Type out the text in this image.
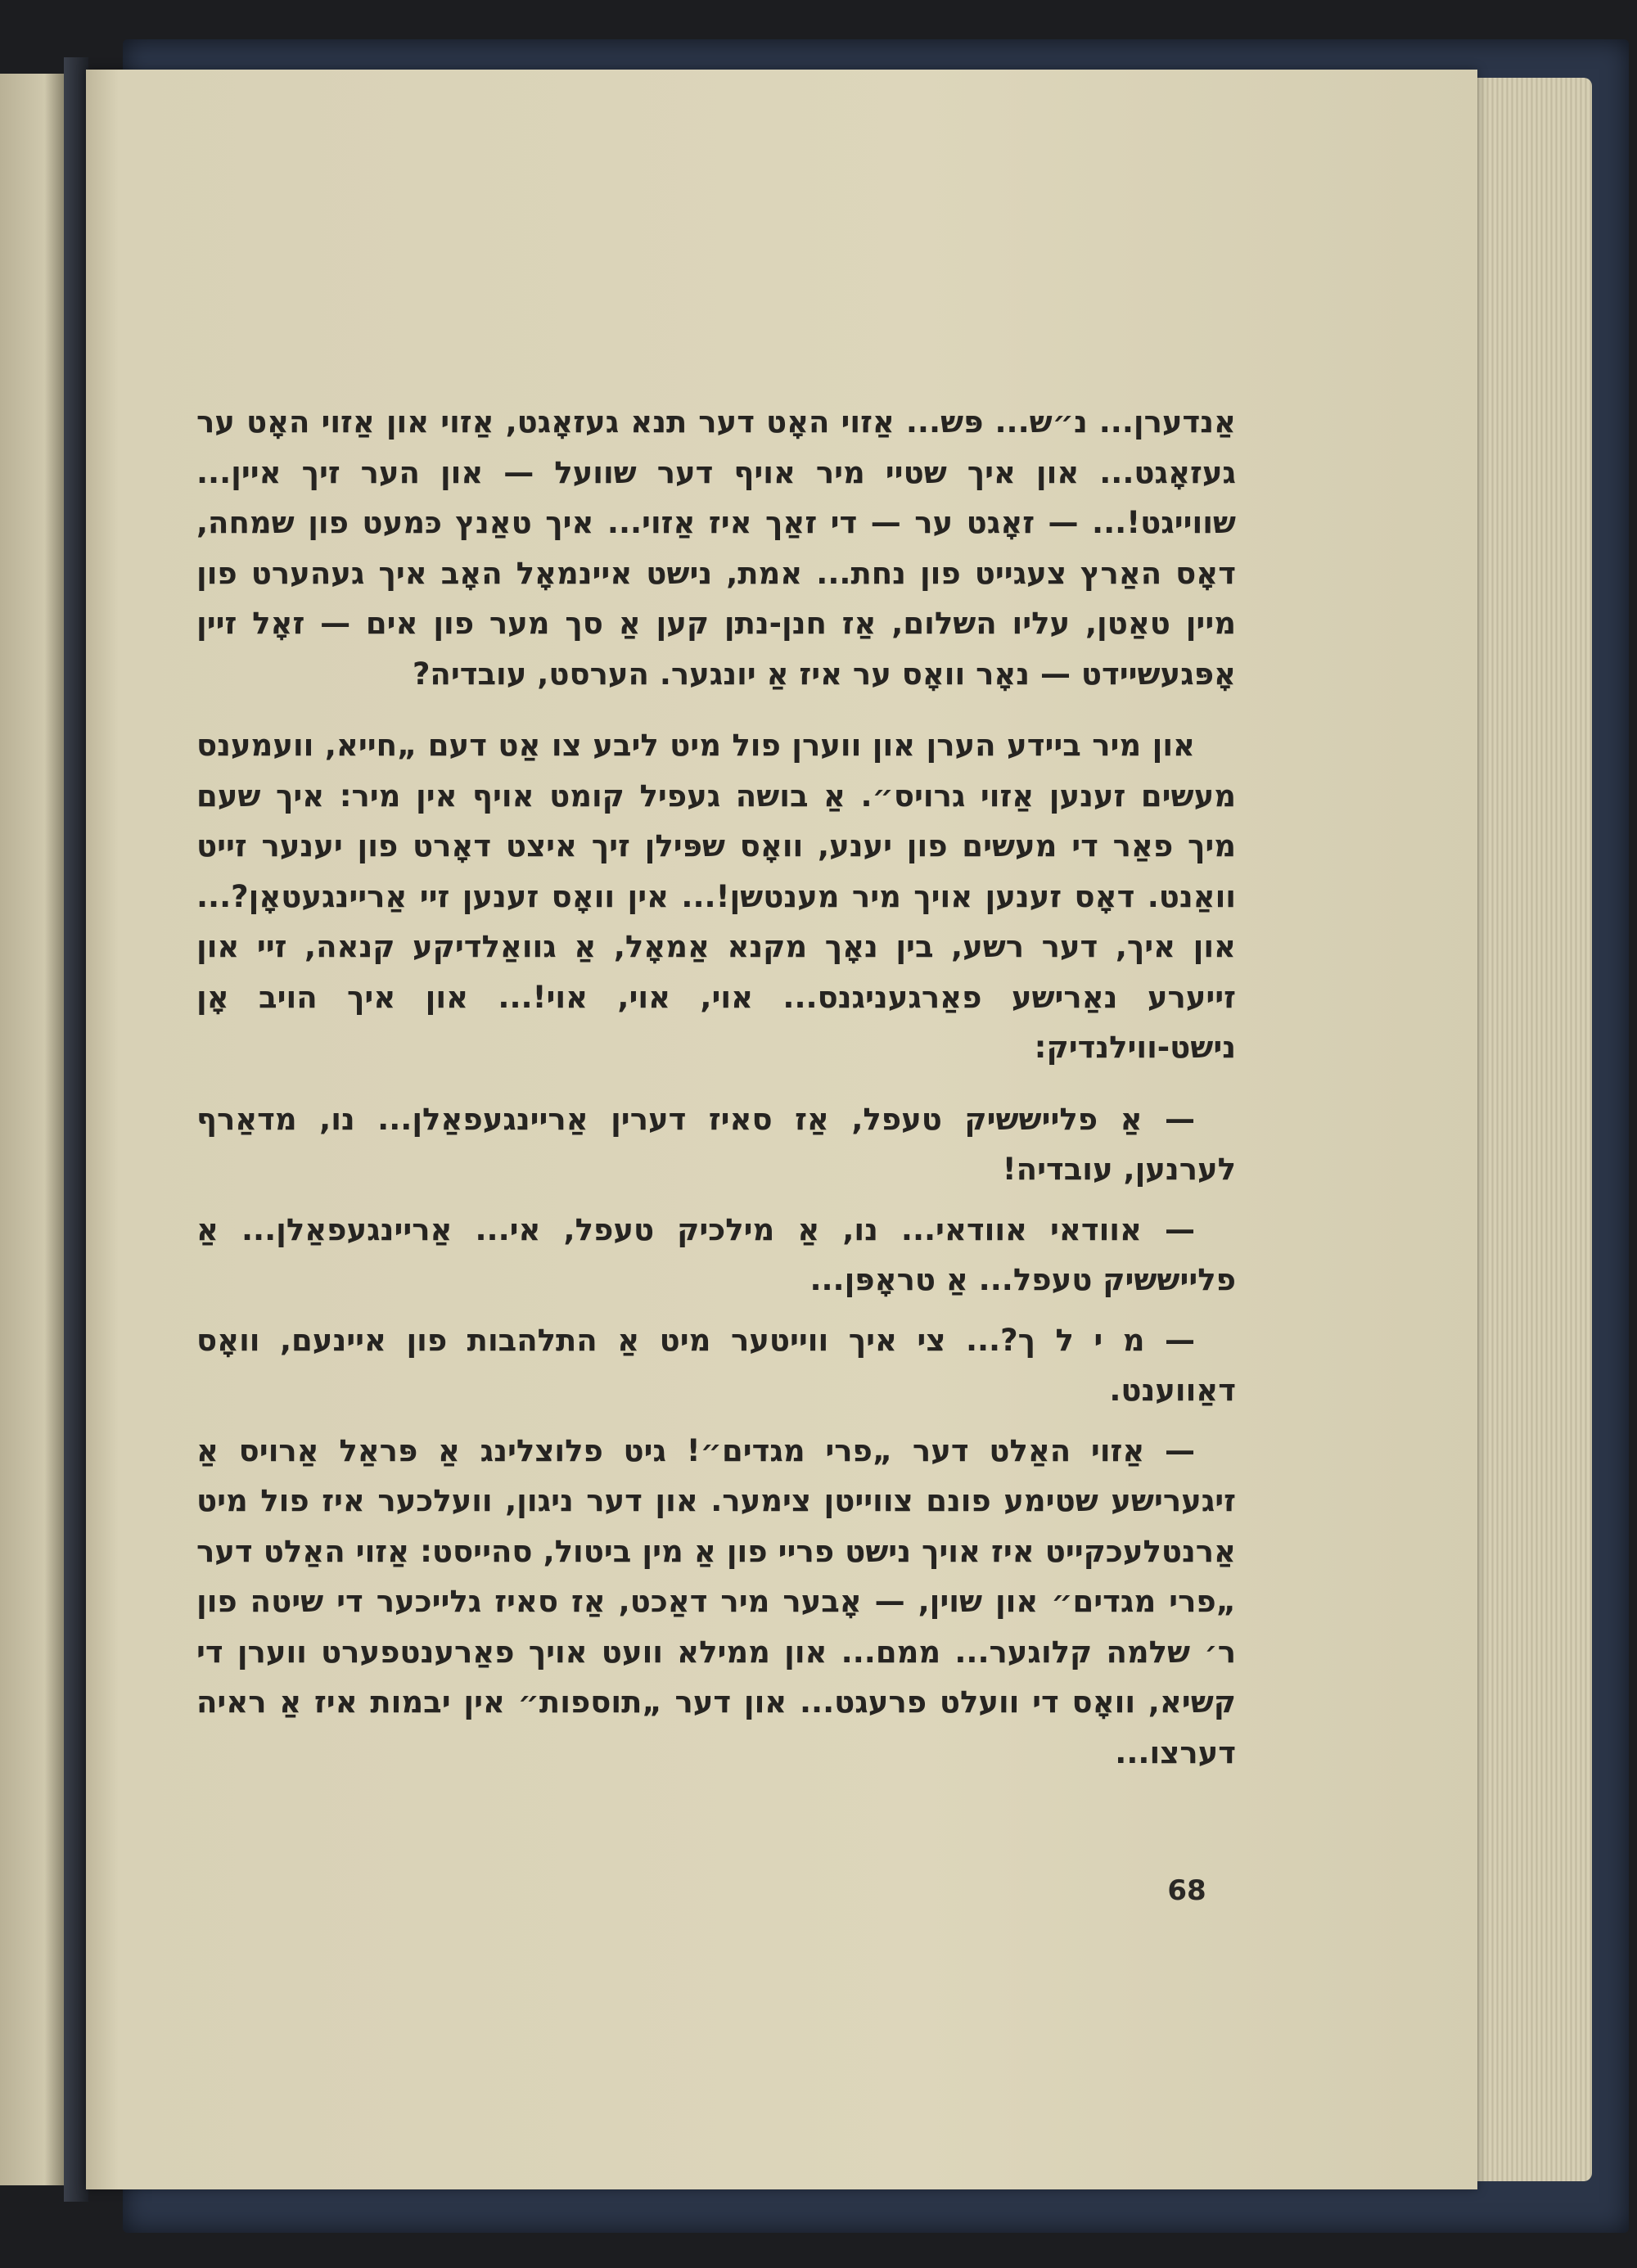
אַנדערן... נ״ש... פּש... אַזוי האָט דער תנא געזאָגט, אַזוי און אַזוי האָט ער געזאָגט... און איך שטיי מיר אויף דער שוועל — און הער זיך איין... שווייגט!... — זאָגט ער — די זאַך איז אַזוי... איך טאַנץ כּמעט פון שמחה, דאָס האַרץ צעגייט פון נחת... אמת, נישט איינמאָל האָב איך געהערט פון מיין טאַטן, עליו השלום, אַז חנן-נתן קען אַ סך מער פון אים — זאָל זיין אָפּגעשיידט — נאָר וואָס ער איז אַ יונגער. הערסט, עובדיה?

און מיר ביידע הערן און ווערן פול מיט ליבע צו אַט דעם „חייא, וועמענס מעשים זענען אַזוי גרויס״. אַ בושה געפיל קומט אויף אין מיר: איך שעם מיך פאַר די מעשים פון יענע, וואָס שפּילן זיך איצט דאָרט פון יענער זייט וואַנט. דאָס זענען אויך מיר מענטשן!... אין וואָס זענען זיי אַריינגעטאָן?... און איך, דער רשע, בין נאָך מקנא אַמאָל, אַ גוואַלדיקע קנאה, זיי און זייערע נאַרישע פאַרגעניגנס... אוי, אוי, אוי!... און איך הויב אָן נישט-ווילנדיק:

— אַ פלייששיק טעפל, אַז סאיז דערין אַריינגעפאַלן... נו, מדאַרף לערנען, עובדיה!

— אוודאי אוודאי... נו, אַ מילכיק טעפל, אי... אַריינגעפאַלן... אַ פלייששיק טעפל... אַ טראָפּן...

— מ י ל ך?... צי איך ווייטער מיט אַ התלהבות פון איינעם, וואָס דאַווענט.

— אַזוי האַלט דער „פרי מגדים״! גיט פלוצלינג אַ פּראַל אַרויס אַ זיגערישע שטימע פונם צווייטן צימער. און דער ניגון, וועלכער איז פול מיט אַרנטלעכקייט איז אויך נישט פריי פון אַ מין ביטול, סהייסט: אַזוי האַלט דער „פרי מגדים״ און שוין, — אָבער מיר דאַכט, אַז סאיז גלייכער די שיטה פון ר׳ שלמה קלוגער... ממם... און ממילא וועט אויך פאַרענטפערט ווערן די קשיא, וואָס די וועלט פרעגט... און דער „תוספות״ אין יבמות איז אַ ראיה דערצו...

68
